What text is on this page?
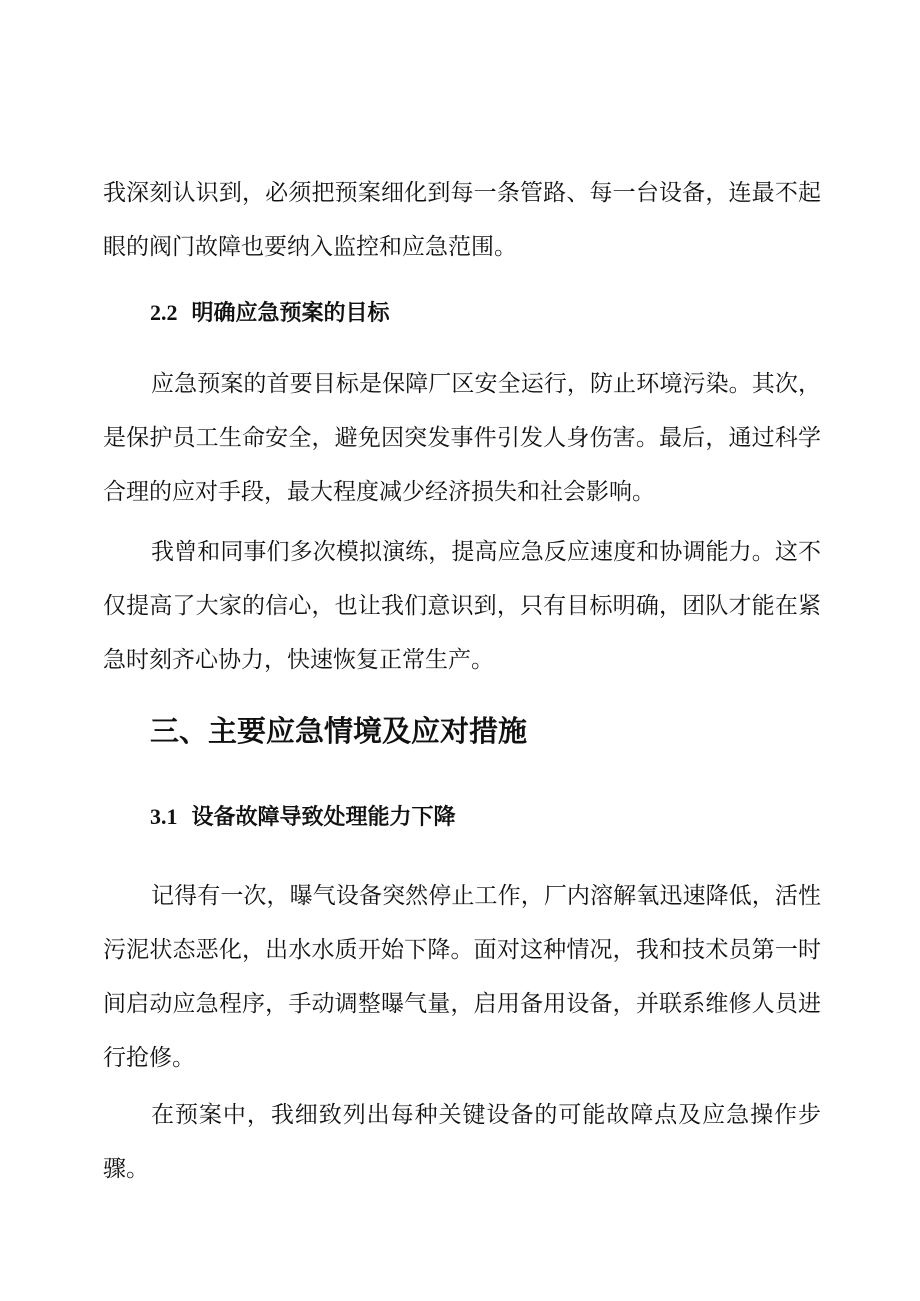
我深刻认识到，必须把预案细化到每一条管路、每一台设备，连最不起眼的阀门故障也要纳入监控和应急范围。

2.2 明确应急预案的目标

应急预案的首要目标是保障厂区安全运行，防止环境污染。其次，是保护员工生命安全，避免因突发事件引发人身伤害。最后，通过科学合理的应对手段，最大程度减少经济损失和社会影响。

我曾和同事们多次模拟演练，提高应急反应速度和协调能力。这不仅提高了大家的信心，也让我们意识到，只有目标明确，团队才能在紧急时刻齐心协力，快速恢复正常生产。

三、主要应急情境及应对措施
3.1 设备故障导致处理能力下降

记得有一次，曝气设备突然停止工作，厂内溶解氧迅速降低，活性污泥状态恶化，出水水质开始下降。面对这种情况，我和技术员第一时间启动应急程序，手动调整曝气量，启用备用设备，并联系维修人员进行抢修。

在预案中，我细致列出每种关键设备的可能故障点及应急操作步骤。
